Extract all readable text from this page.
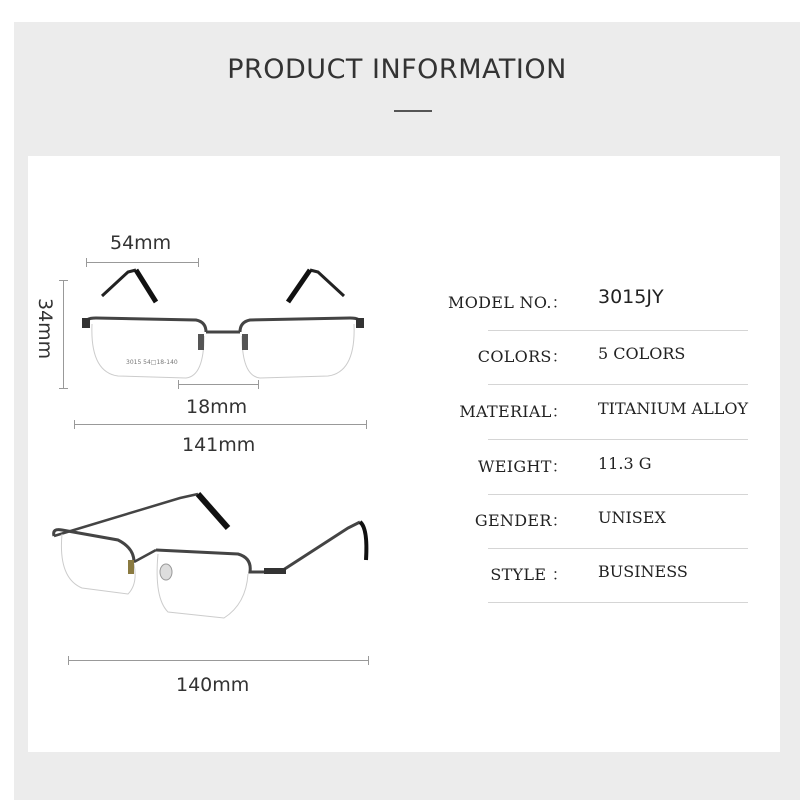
PRODUCT INFORMATION
54mm
34mm
3015 54□18-140
18mm
141mm
140mm
MODEL NO.： 3015JY
COLORS： 5 COLORS
MATERIAL： TITANIUM ALLOY
WEIGHT： 11.3 G
GENDER： UNISEX
STYLE ： BUSINESS
